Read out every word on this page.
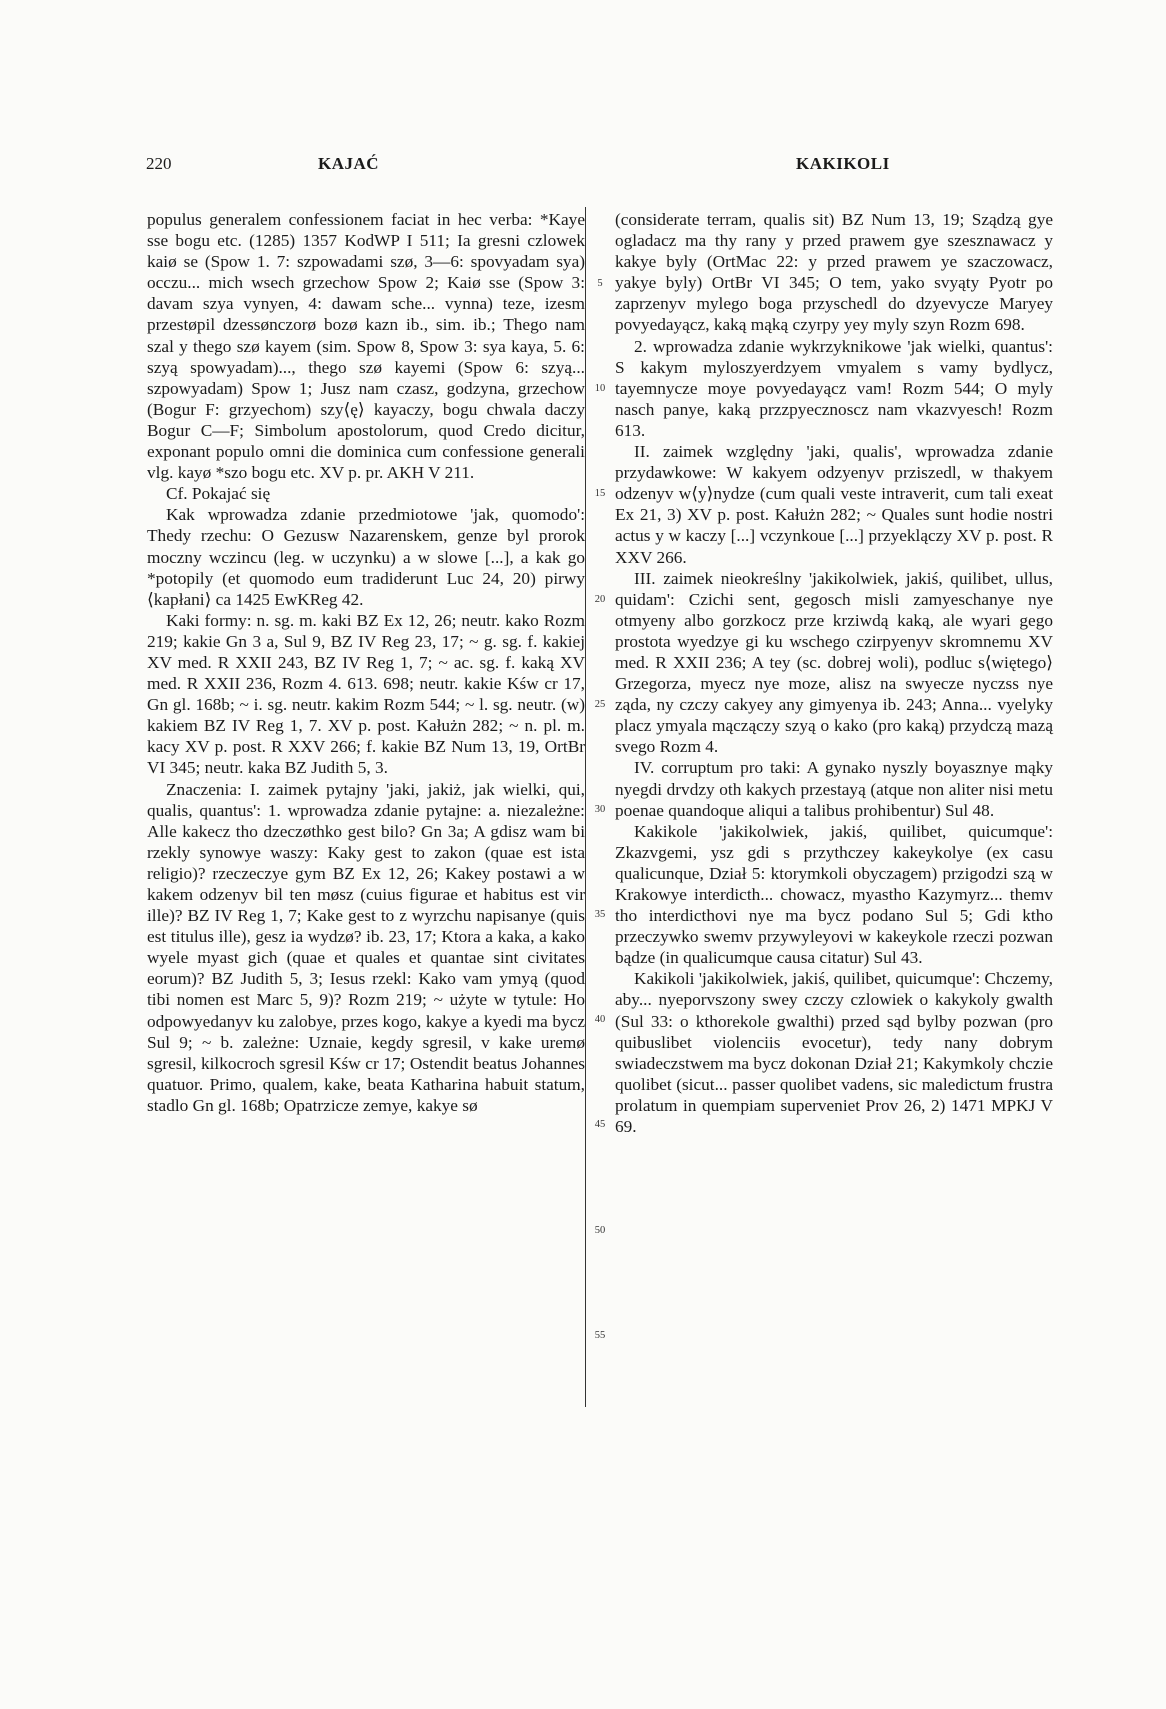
220	KAJAĆ	KAKIKOLI

populus generalem confessionem faciat in hec verba: *Kaye sse bogu etc. (1285) 1357 KodWP I 511; Ia gresni czlowek kaiø se (Spow 1. 7: szpowadami szø, 3—6: spovyadam sya) occzu... mich wsech grzechow Spow 2; Kaiø sse (Spow 3: davam szya vynyen, 4: dawam sche... vynna) teze, izesm przestøpil dzessønczorø bozø kazn ib., sim. ib.; Thego nam szal y thego szø kayem (sim. Spow 8, Spow 3: sya kaya, 5. 6: szyą spowyadam)..., thego szø kayemi (Spow 6: szyą... szpowyadam) Spow 1; Jusz nam czasz, godzyna, grzechow (Bogur F: grzyechom) szy⟨ę⟩ kayaczy, bogu chwala daczy Bogur C—F; Simbolum apostolorum, quod Credo dicitur, exponant populo omni die dominica cum confessione generali vlg. kayø *szo bogu etc. XV p. pr. AKH V 211.

Cf. Pokajać się

Kak wprowadza zdanie przedmiotowe 'jak, quomodo': Thedy rzechu: O Gezusw Nazarenskem, genze byl prorok moczny wczincu (leg. w uczynku) a w slowe [...], a kak go *potopily (et quomodo eum tradiderunt Luc 24, 20) pirwy ⟨kapłani⟩ ca 1425 EwKReg 42.

Kaki formy: n. sg. m. kaki BZ Ex 12, 26; neutr. kako Rozm 219; kakie Gn 3 a, Sul 9, BZ IV Reg 23, 17; ~ g. sg. f. kakiej XV med. R XXII 243, BZ IV Reg 1, 7; ~ ac. sg. f. kaką XV med. R XXII 236, Rozm 4. 613. 698; neutr. kakie Kśw cr 17, Gn gl. 168b; ~ i. sg. neutr. kakim Rozm 544; ~ l. sg. neutr. (w) kakiem BZ IV Reg 1, 7. XV p. post. Kałużn 282; ~ n. pl. m. kacy XV p. post. R XXV 266; f. kakie BZ Num 13, 19, OrtBr VI 345; neutr. kaka BZ Judith 5, 3.

Znaczenia: I. zaimek pytajny 'jaki, jakiż, jak wielki, qui, qualis, quantus': 1. wprowadza zdanie pytajne: a. niezależne: Alle kakecz tho dzeczøthko gest bilo? Gn 3a; A gdisz wam bi rzekly synowye waszy: Kaky gest to zakon (quae est ista religio)? rzeczeczye gym BZ Ex 12, 26; Kakey postawi a w kakem odzenyv bil ten møsz (cuius figurae et habitus est vir ille)? BZ IV Reg 1, 7; Kake gest to z wyrzchu napisanye (quis est titulus ille), gesz ia wydzø? ib. 23, 17; Ktora a kaka, a kako wyele myast gich (quae et quales et quantae sint civitates eorum)? BZ Judith 5, 3; Iesus rzekl: Kako vam ymyą (quod tibi nomen est Marc 5, 9)? Rozm 219; ~ użyte w tytule: Ho odpowyedanyv ku zalobye, przes kogo, kakye a kyedi ma bycz Sul 9; ~ b. zależne: Uznaie, kegdy sgresil, v kake uremø sgresil, kilkocroch sgresil Kśw cr 17; Ostendit beatus Johannes quatuor. Primo, qualem, kake, beata Katharina habuit statum, stadlo Gn gl. 168b; Opatrzicze zemye, kakye sø

5
10
15
20
25
30
35
40
45
50
55

(considerate terram, qualis sit) BZ Num 13, 19; Sządzą gye ogladacz ma thy rany y przed prawem gye szesznawacz y kakye byly (OrtMac 22: y przed prawem ye szaczowacz, yakye byly) OrtBr VI 345; O tem, yako svyąty Pyotr po zaprzenyv mylego boga przyschedl do dzyevycze Maryey povyedayącz, kaką mąką czyrpy yey myly szyn Rozm 698.

2. wprowadza zdanie wykrzyknikowe 'jak wielki, quantus': S kakym myloszyerdzyem vmyalem s vamy bydlycz, tayemnycze moye povyedayącz vam! Rozm 544; O myly nasch panye, kaką przzpyecznoscz nam vkazvyesch! Rozm 613.

II. zaimek względny 'jaki, qualis', wprowadza zdanie przydawkowe: W kakyem odzyenyv prziszedl, w thakyem odzenyv w⟨y⟩nydze (cum quali veste intraverit, cum tali exeat Ex 21, 3) XV p. post. Kałużn 282; ~ Quales sunt hodie nostri actus y w kaczy [...] vczynkoue [...] przyeklączy XV p. post. R XXV 266.

III. zaimek nieokreślny 'jakikolwiek, jakiś, quilibet, ullus, quidam': Czichi sent, gegosch misli zamyeschanye nye otmyeny albo gorzkocz prze krziwdą kaką, ale wyari gego prostota wyedzye gi ku wschego czirpyenyv skromnemu XV med. R XXII 236; A tey (sc. dobrej woli), podluc s⟨więtego⟩ Grzegorza, myecz nye moze, alisz na swyecze nyczss nye ząda, ny czczy cakyey any gimyenya ib. 243; Anna... vyelyky placz ymyala mączączy szyą o kako (pro kaką) przydczą mazą svego Rozm 4.

IV. corruptum pro taki: A gynako nyszly boyasznye mąky nyegdi drvdzy oth kakych przestayą (atque non aliter nisi metu poenae quandoque aliqui a talibus prohibentur) Sul 48.

Kakikole 'jakikolwiek, jakiś, quilibet, quicumque': Zkazvgemi, ysz gdi s przythczey kakeykolye (ex casu qualicunque, Dział 5: ktorymkoli obyczagem) przigodzi szą w Krakowye interdicth... chowacz, myastho Kazymyrz... themv tho interdicthovi nye ma bycz podano Sul 5; Gdi ktho przeczywko swemv przywyleyovi w kakeykole rzeczi pozwan bądze (in qualicumque causa citatur) Sul 43.

Kakikoli 'jakikolwiek, jakiś, quilibet, quicumque': Chczemy, aby... nyeporvszony swey czczy czlowiek o kakykoly gwalth (Sul 33: o kthorekole gwalthi) przed sąd bylby pozwan (pro quibuslibet violenciis evocetur), tedy nany dobrym swiadeczstwem ma bycz dokonan Dział 21; Kakymkoly chczie quolibet (sicut... passer quolibet vadens, sic maledictum frustra prolatum in quempiam superveniet Prov 26, 2) 1471 MPKJ V 69.
